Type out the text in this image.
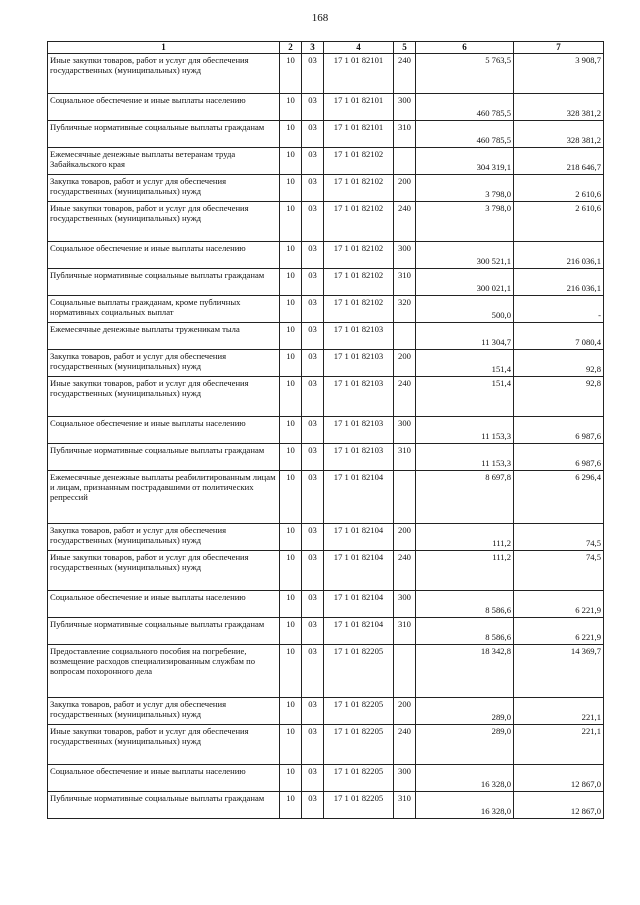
168
1	2	3	4	5	6	7
Иные закупки товаров, работ и услуг для обеспечения государственных (муниципальных) нужд	10	03	17 1 01 82101	240	5 763,5	3 908,7
Социальное обеспечение и иные выплаты населению	10	03	17 1 01 82101	300	460 785,5	328 381,2
Публичные нормативные социальные выплаты гражданам	10	03	17 1 01 82101	310	460 785,5	328 381,2
Ежемесячные денежные выплаты ветеранам труда Забайкальского края	10	03	17 1 01 82102		304 319,1	218 646,7
Закупка товаров, работ и услуг для обеспечения государственных (муниципальных) нужд	10	03	17 1 01 82102	200	3 798,0	2 610,6
Иные закупки товаров, работ и услуг для обеспечения государственных (муниципальных) нужд	10	03	17 1 01 82102	240	3 798,0	2 610,6
Социальное обеспечение и иные выплаты населению	10	03	17 1 01 82102	300	300 521,1	216 036,1
Публичные нормативные социальные выплаты гражданам	10	03	17 1 01 82102	310	300 021,1	216 036,1
Социальные выплаты гражданам, кроме публичных нормативных социальных выплат	10	03	17 1 01 82102	320	500,0	-
Ежемесячные денежные выплаты труженикам тыла	10	03	17 1 01 82103		11 304,7	7 080,4
Закупка товаров, работ и услуг для обеспечения государственных (муниципальных) нужд	10	03	17 1 01 82103	200	151,4	92,8
Иные закупки товаров, работ и услуг для обеспечения государственных (муниципальных) нужд	10	03	17 1 01 82103	240	151,4	92,8
Социальное обеспечение и иные выплаты населению	10	03	17 1 01 82103	300	11 153,3	6 987,6
Публичные нормативные социальные выплаты гражданам	10	03	17 1 01 82103	310	11 153,3	6 987,6
Ежемесячные денежные выплаты реабилитированным лицам и лицам, признанным пострадавшими от политических репрессий	10	03	17 1 01 82104		8 697,8	6 296,4
Закупка товаров, работ и услуг для обеспечения государственных (муниципальных) нужд	10	03	17 1 01 82104	200	111,2	74,5
Иные закупки товаров, работ и услуг для обеспечения государственных (муниципальных) нужд	10	03	17 1 01 82104	240	111,2	74,5
Социальное обеспечение и иные выплаты населению	10	03	17 1 01 82104	300	8 586,6	6 221,9
Публичные нормативные социальные выплаты гражданам	10	03	17 1 01 82104	310	8 586,6	6 221,9
Предоставление социального пособия на погребение, возмещение расходов специализированным службам по вопросам похоронного дела	10	03	17 1 01 82205		18 342,8	14 369,7
Закупка товаров, работ и услуг для обеспечения государственных (муниципальных) нужд	10	03	17 1 01 82205	200	289,0	221,1
Иные закупки товаров, работ и услуг для обеспечения государственных (муниципальных) нужд	10	03	17 1 01 82205	240	289,0	221,1
Социальное обеспечение и иные выплаты населению	10	03	17 1 01 82205	300	16 328,0	12 867,0
Публичные нормативные социальные выплаты гражданам	10	03	17 1 01 82205	310	16 328,0	12 867,0
